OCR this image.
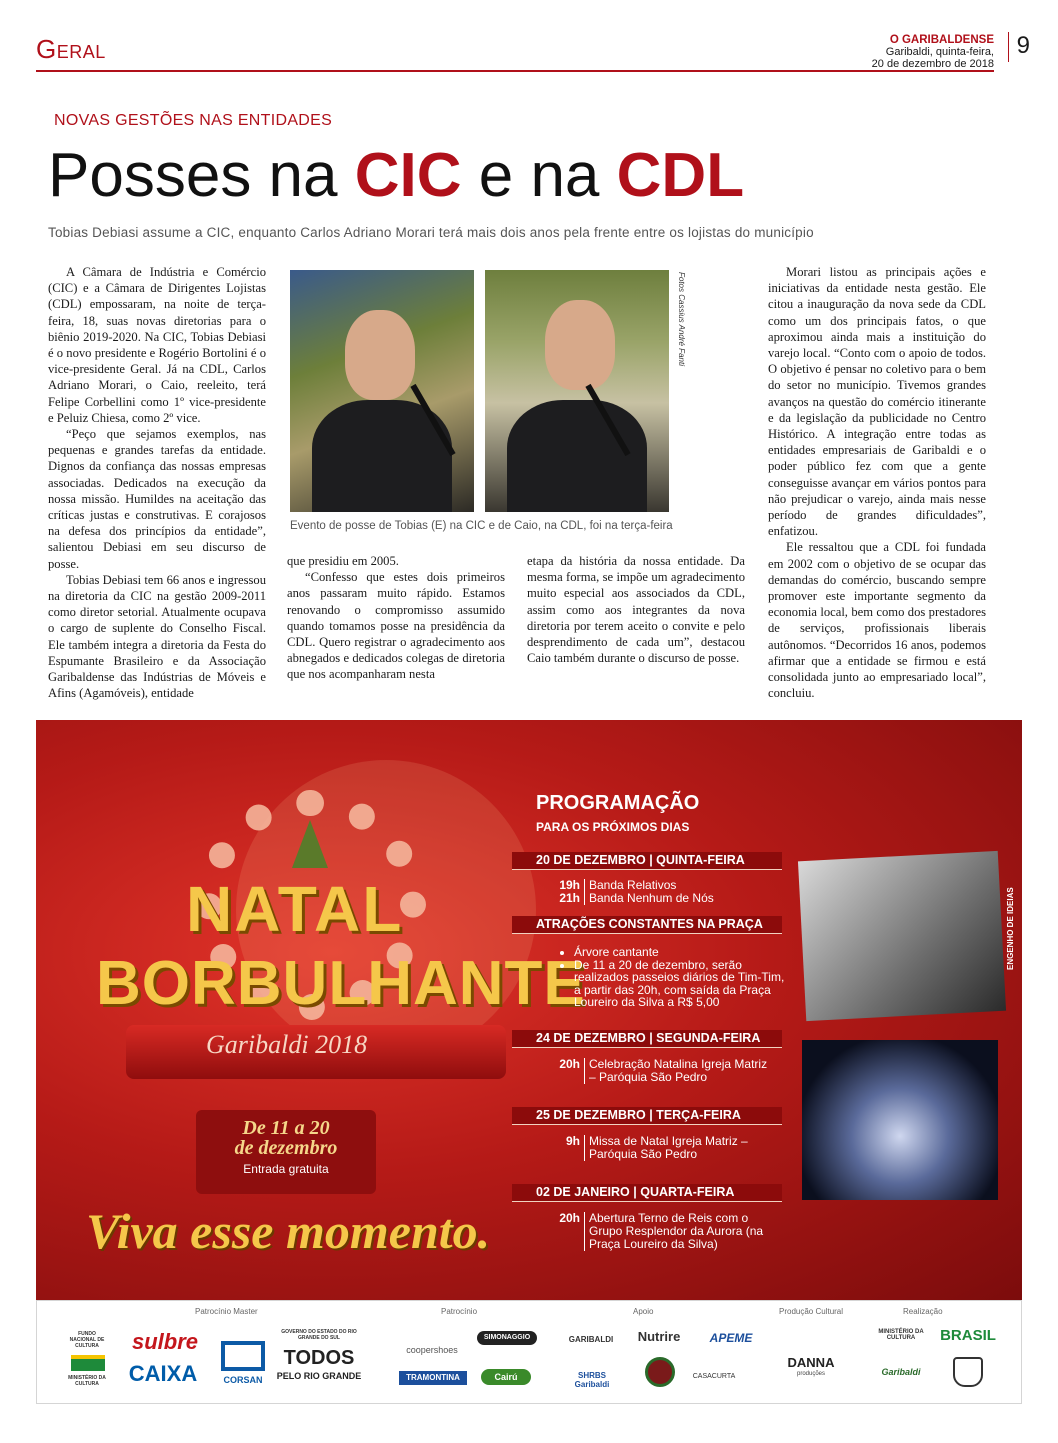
Geral	O GARIBALDENSE
Garibaldi, quinta-feira,
20 de dezembro de 2018
9
NOVAS GESTÕES NAS ENTIDADES
Posses na CIC e na CDL
Tobias Debiasi assume a CIC, enquanto Carlos Adriano Morari terá mais dois anos pela frente entre os lojistas do município

A Câmara de Indústria e Comércio (CIC) e a Câmara de Dirigentes Lojistas (CDL) empossaram, na noite de terça-feira, 18, suas novas diretorias para o biênio 2019-2020. Na CIC, Tobias Debiasi é o novo presidente e Rogério Bortolini é o vice-presidente Geral. Já na CDL, Carlos Adriano Morari, o Caio, reeleito, terá Felipe Corbellini como 1º vice-presidente e Peluiz Chiesa, como 2º vice.

“Peço que sejamos exemplos, nas pequenas e grandes tarefas da entidade. Dignos da confiança das nossas empresas associadas. Dedicados na execução da nossa missão. Humildes na aceitação das críticas justas e construtivas. E corajosos na defesa dos princípios da entidade”, salientou Debiasi em seu discurso de posse.

Tobias Debiasi tem 66 anos e ingressou na diretoria da CIC na gestão 2009-2011 como diretor setorial. Atualmente ocupava o cargo de suplente do Conselho Fiscal. Ele também integra a diretoria da Festa do Espumante Brasileiro e da Associação Garibaldense das Indústrias de Móveis e Afins (Agamóveis), entidade

Fotos Cassius André Fanti
Evento de posse de Tobias (E) na CIC e de Caio, na CDL, foi na terça-feira

que presidiu em 2005.

“Confesso que estes dois primeiros anos passaram muito rápido. Estamos renovando o compromisso assumido quando tomamos posse na presidência da CDL. Quero registrar o agradecimento aos abnegados e dedicados colegas de diretoria que nos acompanharam nesta

etapa da história da nossa entidade. Da mesma forma, se impõe um agradecimento muito especial aos associados da CDL, assim como aos integrantes da nova diretoria por terem aceito o convite e pelo desprendimento de cada um”, destacou Caio também durante o discurso de posse.

Morari listou as principais ações e iniciativas da entidade nesta gestão. Ele citou a inauguração da nova sede da CDL como um dos principais fatos, o que aproximou ainda mais a instituição do varejo local. “Conto com o apoio de todos. O objetivo é pensar no coletivo para o bem do setor no município. Tivemos grandes avanços na questão do comércio itinerante e da legislação da publicidade no Centro Histórico. A integração entre todas as entidades empresariais de Garibaldi e o poder público fez com que a gente conseguisse avançar em vários pontos para não prejudicar o varejo, ainda mais nesse período de grandes dificuldades”, enfatizou.

Ele ressaltou que a CDL foi fundada em 2002 com o objetivo de se ocupar das demandas do comércio, buscando sempre promover este importante segmento da economia local, bem como dos prestadores de serviços, profissionais liberais autônomos. “Decorridos 16 anos, podemos afirmar que a entidade se firmou e está consolidada junto ao empresariado local”, concluiu.

NATAL
BORBULHANTE
Garibaldi 2018
De 11 a 20
de dezembro
Entrada gratuita
Viva esse momento.
PROGRAMAÇÃO
PARA OS PRÓXIMOS DIAS
20 DE DEZEMBRO | QUINTA-FEIRA
19h Banda Relativos
21h Banda Nenhum de Nós
ATRAÇÕES CONSTANTES NA PRAÇA
• Árvore cantante
• De 11 a 20 de dezembro, serão realizados passeios diários de Tim-Tim, a partir das 20h, com saída da Praça Loureiro da Silva a R$ 5,00
24 DE DEZEMBRO | SEGUNDA-FEIRA
20h Celebração Natalina Igreja Matriz – Paróquia São Pedro
25 DE DEZEMBRO | TERÇA-FEIRA
9h Missa de Natal Igreja Matriz – Paróquia São Pedro
02 DE JANEIRO | QUARTA-FEIRA
20h Abertura Terno de Reis com o Grupo Resplendor da Aurora (na Praça Loureiro da Silva)
ENGENHO DE IDEIAS
Patrocínio Master	Patrocínio	Apoio	Produção Cultural	Realização
FUNDO NACIONAL DE CULTURA
MINISTÉRIO DA CULTURA
sulbre
CAIXA	CORSAN
GOVERNO DO ESTADO DO RIO GRANDE DO SUL
TODOS
PELO RIO GRANDE
coopershoes
TRAMONTINA
SIMONAGGIO
Cairú
GARIBALDI	Nutrire	APEME
SHRBS Garibaldi
CASACURTA
DANNA
produções
MINISTÉRIO DA CULTURA	BRASIL
Garibaldi
